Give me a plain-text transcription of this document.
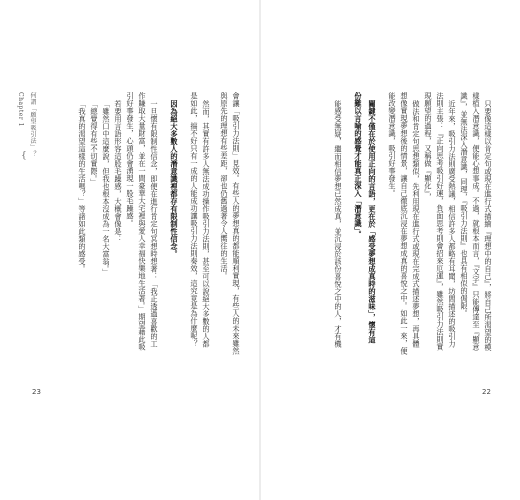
Chapter 1 何謂「願望吸引法」？
{	會讓「吸引力法則」見效。有些人的夢想真的都能順利實現，有些人的未來雖然
與原先的理想有些差距，卻也仍舊過著令人嚮往的生活。
然而，其實有許多人無法成功操作吸引力法則，甚至可以說絕大多數的人都
是如此，搞不好只有一成的人能成功讓吸引力法則奏效，這究竟是為什麼呢？
因為絕大多數人的潛意識裡都存有限制性信念。
一旦懷有限制性信念，即便在進行肯定句冥想時想著：「我正透過喜歡的工
作賺取大量財富，並在一間豪華大宅裡與愛人幸福快樂地生活著。」期望藉此吸
引好事發生，心頭仍會湧現一股毛躁感。
若要用言語形容這股毛躁感，大概會像是：
「雖然口中這麼說，但我也根本沒成為一名大富翁。」
「總覺得有些不切實際。」
「我真的渴望這樣的生活嗎？」等諸如此類的感受。
23
只要像這樣以肯定句或現在進行式描繪『理想中的自己』，將自己所渴望的模
樣植入潛意識，便能心想事成。不過，就根本而言，『文字』只能傳達至『顯意
識』，並無法深入潛意識，同理，『吸引力法則』也具有相似的侷限。
近年來，吸引力法則廣受熱議，相信許多人都略有耳聞，坊間描述的吸引力
法則主張：『正向思考吸引好運，負面思考則會招來厄運』，雖然吸引力法則實
現願望的過程，又稱做『顯化』，
做法和肯定句思想類似，先利用現在進行式或現在完成式描述夢想，再具體
想像實現夢想後的情景，讓自己徹底沉浸在夢想成真的喜悅之中。如此一來，便
能改變潛意識，吸引好事發生。
關鍵不僅在於使用正向的言語，更在於「感受夢想成真時的滋味」，懷有這
份難以言喻的感覺才能真正深入「潛意識」。
能感受無疑，繼而相信夢想已然成真，並沉浸於該份喜悅之中的人，才有機
22
